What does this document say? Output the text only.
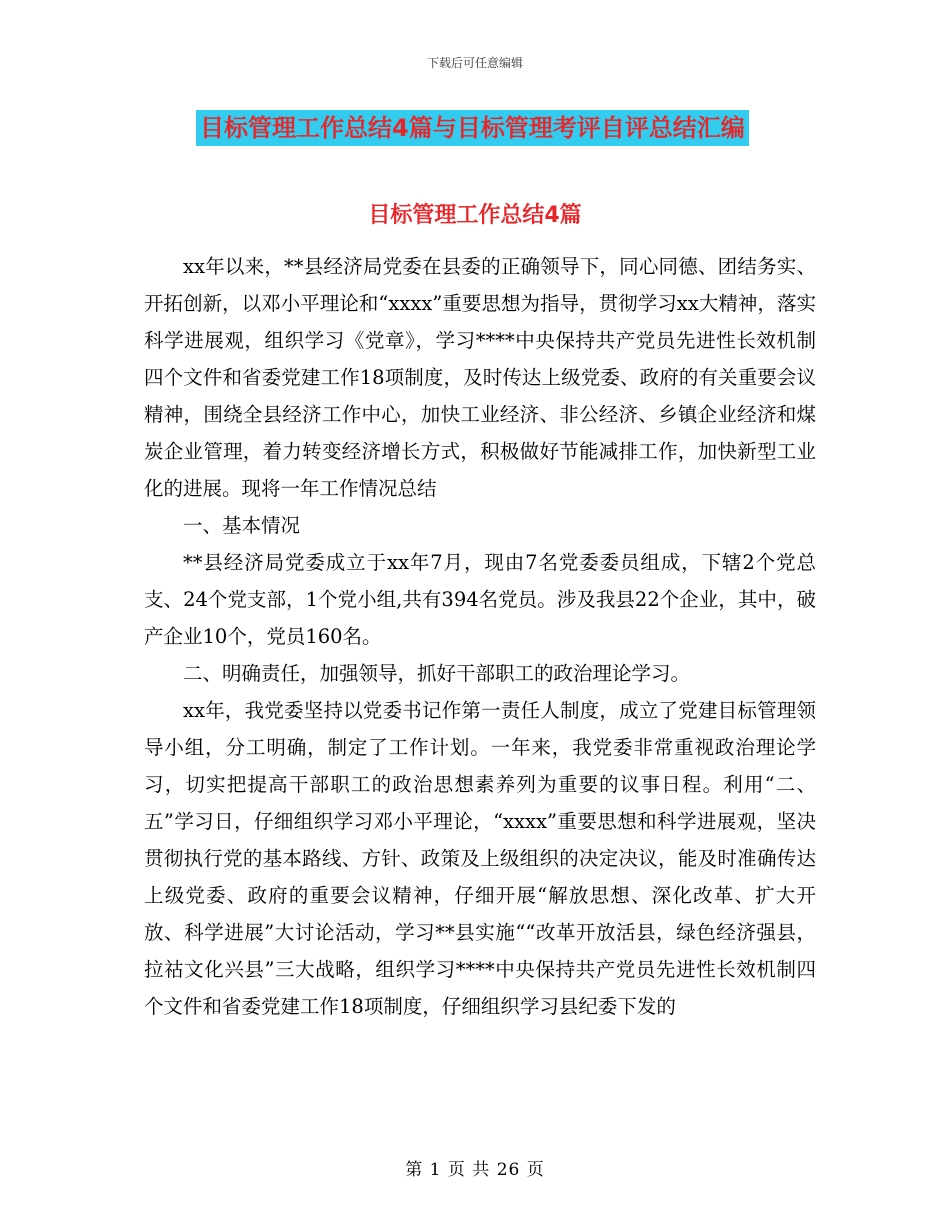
下载后可任意编辑
目标管理工作总结4篇与目标管理考评自评总结汇编
目标管理工作总结4篇

xx年以来，**县经济局党委在县委的正确领导下，同心同德、团结务实、开拓创新，以邓小平理论和“xxxx”重要思想为指导，贯彻学习xx大精神，落实科学进展观，组织学习《党章》，学习****中央保持共产党员先进性长效机制四个文件和省委党建工作18项制度，及时传达上级党委、政府的有关重要会议精神，围绕全县经济工作中心，加快工业经济、非公经济、乡镇企业经济和煤炭企业管理，着力转变经济增长方式，积极做好节能减排工作，加快新型工业化的进展。现将一年工作情况总结

一、基本情况

**县经济局党委成立于xx年7月，现由7名党委委员组成，下辖2个党总支、24个党支部，1个党小组,共有394名党员。涉及我县22个企业，其中，破产企业10个，党员160名。

二、明确责任，加强领导，抓好干部职工的政治理论学习。

xx年，我党委坚持以党委书记作第一责任人制度，成立了党建目标管理领导小组，分工明确，制定了工作计划。一年来，我党委非常重视政治理论学习，切实把提高干部职工的政治思想素养列为重要的议事日程。利用“二、五”学习日，仔细组织学习邓小平理论，“xxxx”重要思想和科学进展观，坚决贯彻执行党的基本路线、方针、政策及上级组织的决定决议，能及时准确传达上级党委、政府的重要会议精神，仔细开展“解放思想、深化改革、扩大开放、科学进展”大讨论活动，学习**县实施““改革开放活县，绿色经济强县，拉祜文化兴县”三大战略，组织学习****中央保持共产党员先进性长效机制四个文件和省委党建工作18项制度，仔细组织学习县纪委下发的

第 1 页 共 26 页
